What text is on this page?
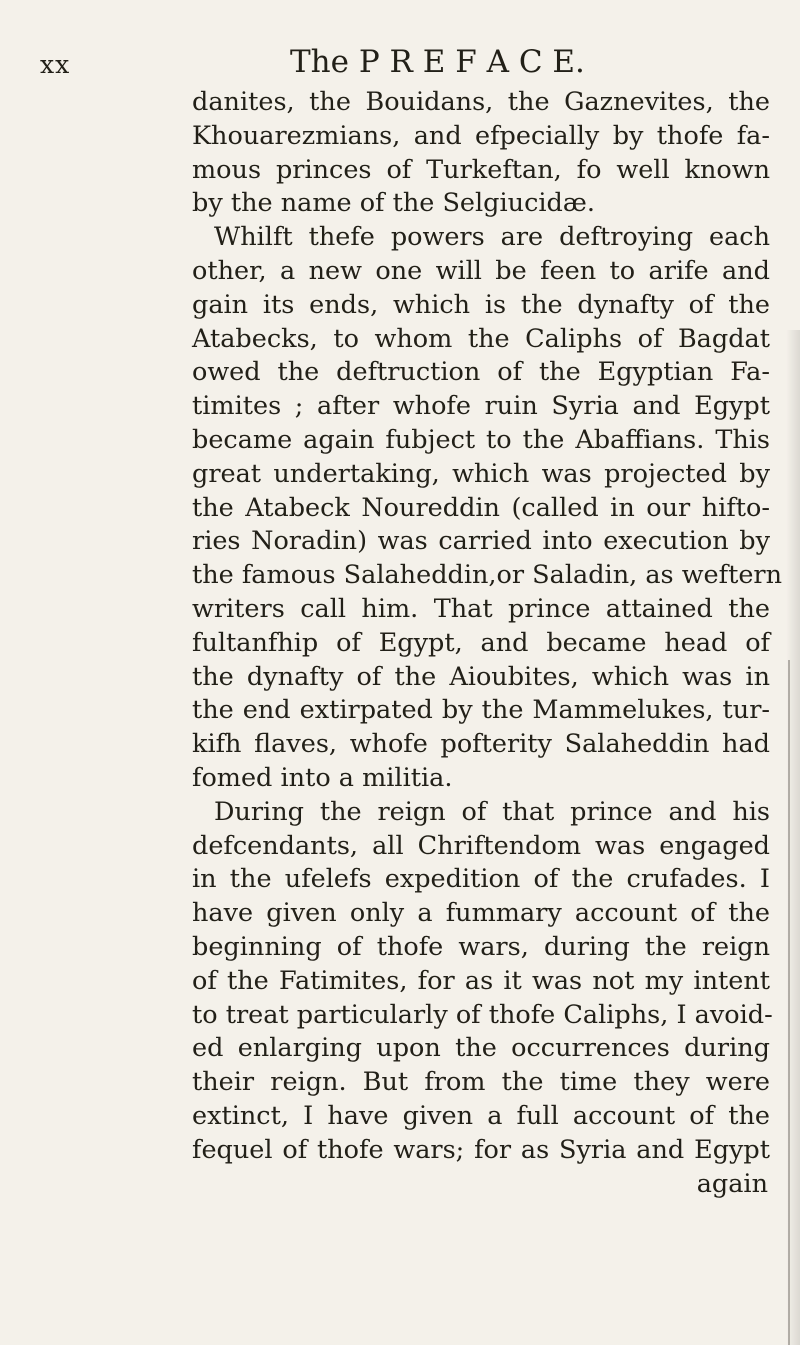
xx	The P R E F A C E.
danites, the Bouidans, the Gaznevites, the
Khouarezmians, and efpecially by thofe fa-
mous princes of Turkeftan, fo well known
by the name of the Selgiucidæ.
Whilft thefe powers are deftroying each
other, a new one will be feen to arife and
gain its ends, which is the dynafty of the
Atabecks, to whom the Caliphs of Bagdat
owed the deftruction of the Egyptian Fa-
timites ; after whofe ruin Syria and Egypt
became again fubject to the Abaffians. This
great undertaking, which was projected by
the Atabeck Noureddin (called in our hifto-
ries Noradin) was carried into execution by
the famous Salaheddin,or Saladin, as weftern
writers call him. That prince attained the
fultanfhip of Egypt, and became head of
the dynafty of the Aioubites, which was in
the end extirpated by the Mammelukes, tur-
kifh flaves, whofe pofterity Salaheddin had
fomed into a militia.
During the reign of that prince and his
defcendants, all Chriftendom was engaged
in the ufelefs expedition of the crufades. I
have given only a fummary account of the
beginning of thofe wars, during the reign
of the Fatimites, for as it was not my intent
to treat particularly of thofe Caliphs, I avoid-
ed enlarging upon the occurrences during
their reign. But from the time they were
extinct, I have given a full account of the
fequel of thofe wars; for as Syria and Egypt
again
